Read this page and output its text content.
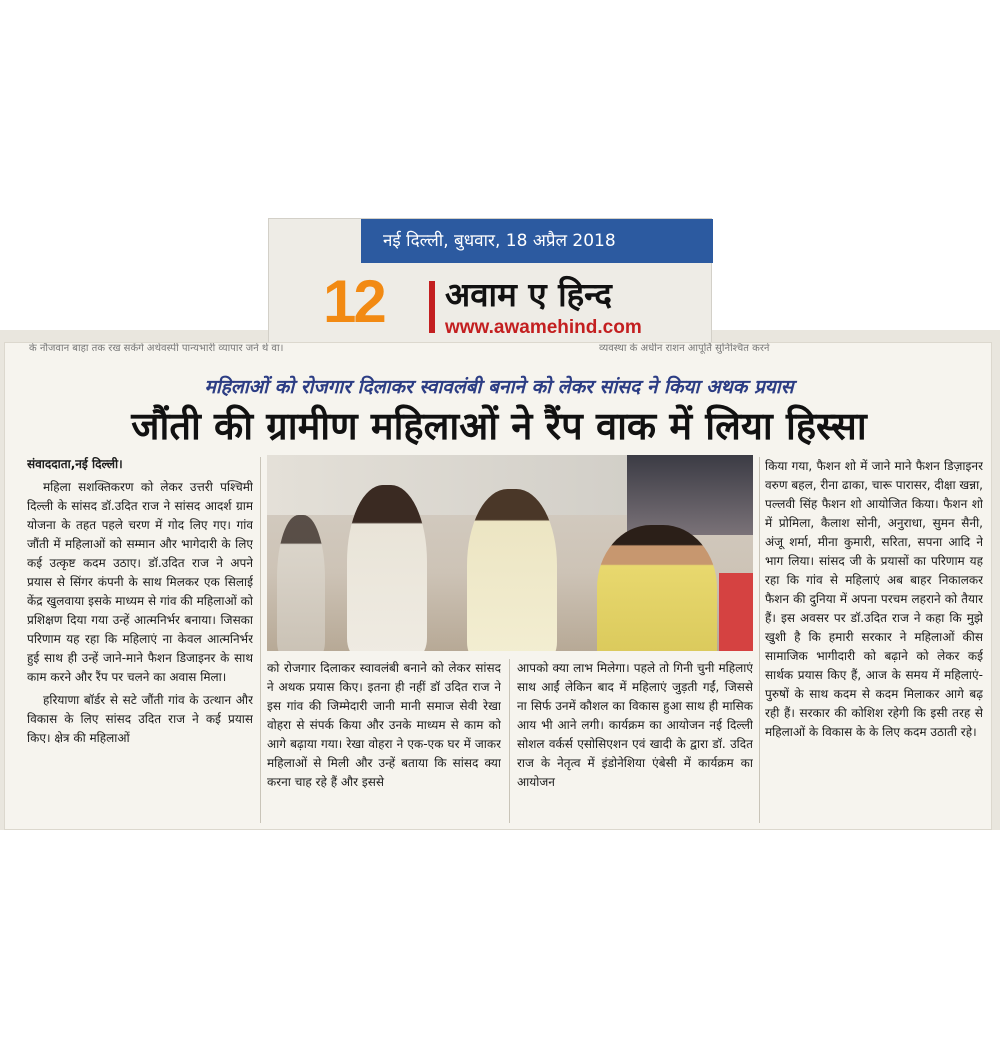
नई दिल्ली, बुधवार, 18 अप्रैल 2018
12 अवाम ए हिन्द
www.awamehind.com
के नौजवान बाहा तक रख सकेंगे अर्थवर्स्पी पान्यभारी व्यापार जने थे वा।	व्यवस्था के अधीन राशन आपूर्ति सुनिश्चित करने
महिलाओं को रोजगार दिलाकर स्वावलंबी बनाने को लेकर सांसद ने किया अथक प्रयास
जौंती की ग्रामीण महिलाओं ने रैंप वाक में लिया हिस्सा

संवाददाता,नई दिल्ली।

महिला सशक्तिकरण को लेकर उत्तरी पश्चिमी दिल्ली के सांसद डॉ.उदित राज ने सांसद आदर्श ग्राम योजना के तहत पहले चरण में गोद लिए गए। गांव जौंती में महिलाओं को सम्मान और भागेदारी के लिए कई उत्कृष्ट कदम उठाए। डॉ.उदित राज ने अपने प्रयास से सिंगर कंपनी के साथ मिलकर एक सिलाई केंद्र खुलवाया इसके माध्यम से गांव की महिलाओं को प्रशिक्षण दिया गया उन्हें आत्मनिर्भर बनाया। जिसका परिणाम यह रहा कि महिलाएं ना केवल आत्मनिर्भर हुई साथ ही उन्हें जाने-माने फैशन डिजाइनर के साथ काम करने और रैंप पर चलने का अवास मिला।

हरियाणा बॉर्डर से सटे जौंती गांव के उत्थान और विकास के लिए सांसद उदित राज ने कई प्रयास किए। क्षेत्र की महिलाओं

को रोजगार दिलाकर स्वावलंबी बनाने को लेकर सांसद ने अथक प्रयास किए। इतना ही नहीं डॉ उदित राज ने इस गांव की जिम्मेदारी जानी मानी समाज सेवी रेखा वोहरा से संपर्क किया और उनके माध्यम से काम को आगे बढ़ाया गया। रेखा वोहरा ने एक-एक घर में जाकर महिलाओं से मिली और उन्हें बताया कि सांसद क्या करना चाह रहे हैं और इससे

आपको क्या लाभ मिलेगा। पहले तो गिनी चुनी महिलाएं साथ आईं लेकिन बाद में महिलाएं जुड़ती गईं, जिससे ना सिर्फ उनमें कौशल का विकास हुआ साथ ही मासिक आय भी आने लगी। कार्यक्रम का आयोजन नई दिल्ली सोशल वर्कर्स एसोसिएशन एवं खादी के द्वारा डॉ. उदित राज के नेतृत्व में इंडोनेशिया एंबेसी में कार्यक्रम का आयोजन

किया गया, फैशन शो में जाने माने फैशन डिज़ाइनर वरुण बहल, रीना ढाका, चारू पारासर, दीक्षा खन्ना, पल्लवी सिंह फैशन शो आयोजित किया। फैशन शो में प्रोमिला, कैलाश सोनी, अनुराधा, सुमन सैनी, अंजू शर्मा, मीना कुमारी, सरिता, सपना आदि ने भाग लिया। सांसद जी के प्रयासों का परिणाम यह रहा कि गांव से महिलाएं अब बाहर निकालकर फैशन की दुनिया में अपना परचम लहराने को तैयार हैं। इस अवसर पर डॉ.उदित राज ने कहा कि मुझे खुशी है कि हमारी सरकार ने महिलाओं कीस सामाजिक भागीदारी को बढ़ाने को लेकर कई सार्थक प्रयास किए हैं, आज के समय में महिलाएं-पुरुषों के साथ कदम से कदम मिलाकर आगे बढ़ रही हैं। सरकार की कोशिश रहेगी कि इसी तरह से महिलाओं के विकास के के लिए कदम उठाती रहे।
